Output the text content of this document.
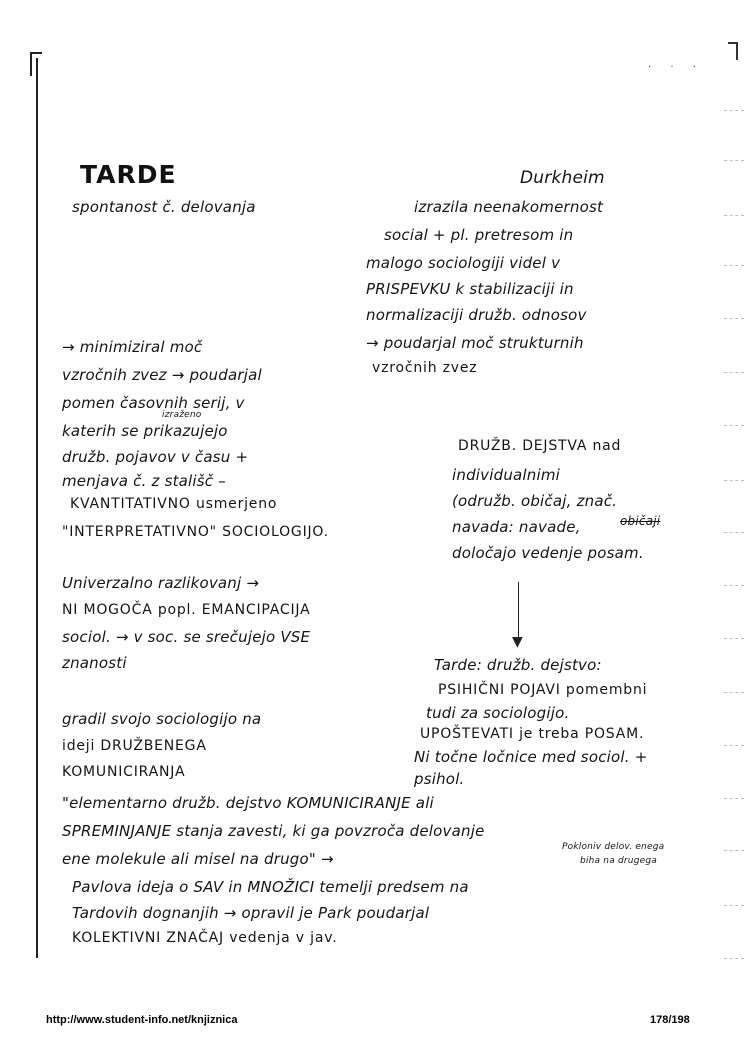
· · ·
TARDE
spontanost č. delovanja
→ minimiziral moč
vzročnih zvez → poudarjal
pomen časovnih serij, v
izraženo
katerih se prikazujejo
družb. pojavov v času +
menjava č. z stališč –
KVANTITATIVNO usmerjeno
"INTERPRETATIVNO" SOCIOLOGIJO.
Univerzalno razlikovanj →
NI MOGOČA popl. EMANCIPACIJA
sociol. → v soc. se srečujejo VSE
znanosti
gradil svojo sociologijo na
ideji DRUŽBENEGA
KOMUNICIRANJA
Durkheim
izrazila neenakomernost
social + pl. pretresom in
malogo sociologiji videl v
PRISPEVKU k stabilizaciji in
normalizaciji družb. odnosov
→ poudarjal moč strukturnih
vzročnih zvez
DRUŽB. DEJSTVA nad
individualnimi
(odružb. običaj, znač.
navada: navade,	običaji
določajo vedenje posam.
▼
Tarde: družb. dejstvo:
PSIHIČNI POJAVI pomembni
tudi za sociologijo.
UPOŠTEVATI je treba POSAM.
Ni točne ločnice med sociol. +
psihol.
"elementarno družb. dejstvo KOMUNICIRANJE ali
SPREMINJANJE stanja zavesti, ki ga povzroča delovanje
ene molekule ali misel na drugo" →
Pokloniv delov. enega
biha na drugega
Pavlova ideja o SAV in MNOŽICI temelji predsem na
Tardovih dognanjih → opravil je Park poudarjal
KOLEKTIVNI ZNAČAJ vedenja v jav.
http://www.student-info.net/knjiznica	178/198
